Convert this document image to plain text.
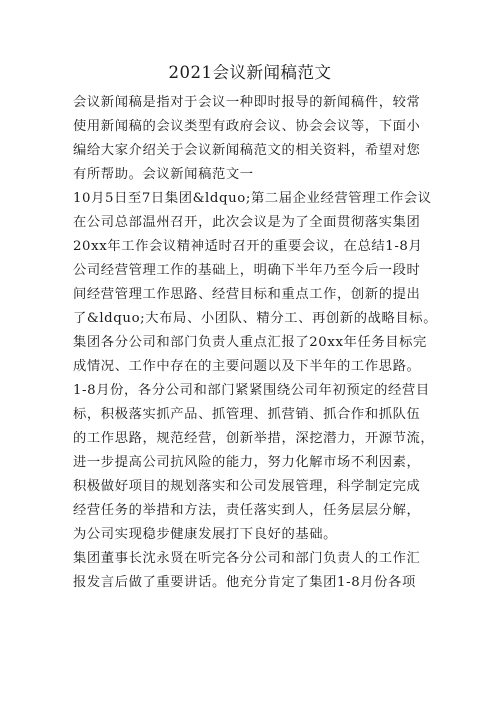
2021会议新闻稿范文
会议新闻稿是指对于会议一种即时报导的新闻稿件，较常
使用新闻稿的会议类型有政府会议、协会会议等，下面小
编给大家介绍关于会议新闻稿范文的相关资料，希望对您
有所帮助。会议新闻稿范文一
10月5日至7日集团&ldquo;第二届企业经营管理工作会议
在公司总部温州召开，此次会议是为了全面贯彻落实集团
20xx年工作会议精神适时召开的重要会议，在总结1-8月
公司经营管理工作的基础上，明确下半年乃至今后一段时
间经营管理工作思路、经营目标和重点工作，创新的提出
了&ldquo;大布局、小团队、精分工、再创新的战略目标。
集团各分公司和部门负责人重点汇报了20xx年任务目标完
成情况、工作中存在的主要问题以及下半年的工作思路。
1-8月份，各分公司和部门紧紧围绕公司年初预定的经营目
标，积极落实抓产品、抓管理、抓营销、抓合作和抓队伍
的工作思路，规范经营，创新举措，深挖潜力，开源节流，
进一步提高公司抗风险的能力，努力化解市场不利因素，
积极做好项目的规划落实和公司发展管理，科学制定完成
经营任务的举措和方法，责任落实到人，任务层层分解，
为公司实现稳步健康发展打下良好的基础。
集团董事长沈永贤在听完各分公司和部门负责人的工作汇
报发言后做了重要讲话。他充分肯定了集团1-8月份各项
